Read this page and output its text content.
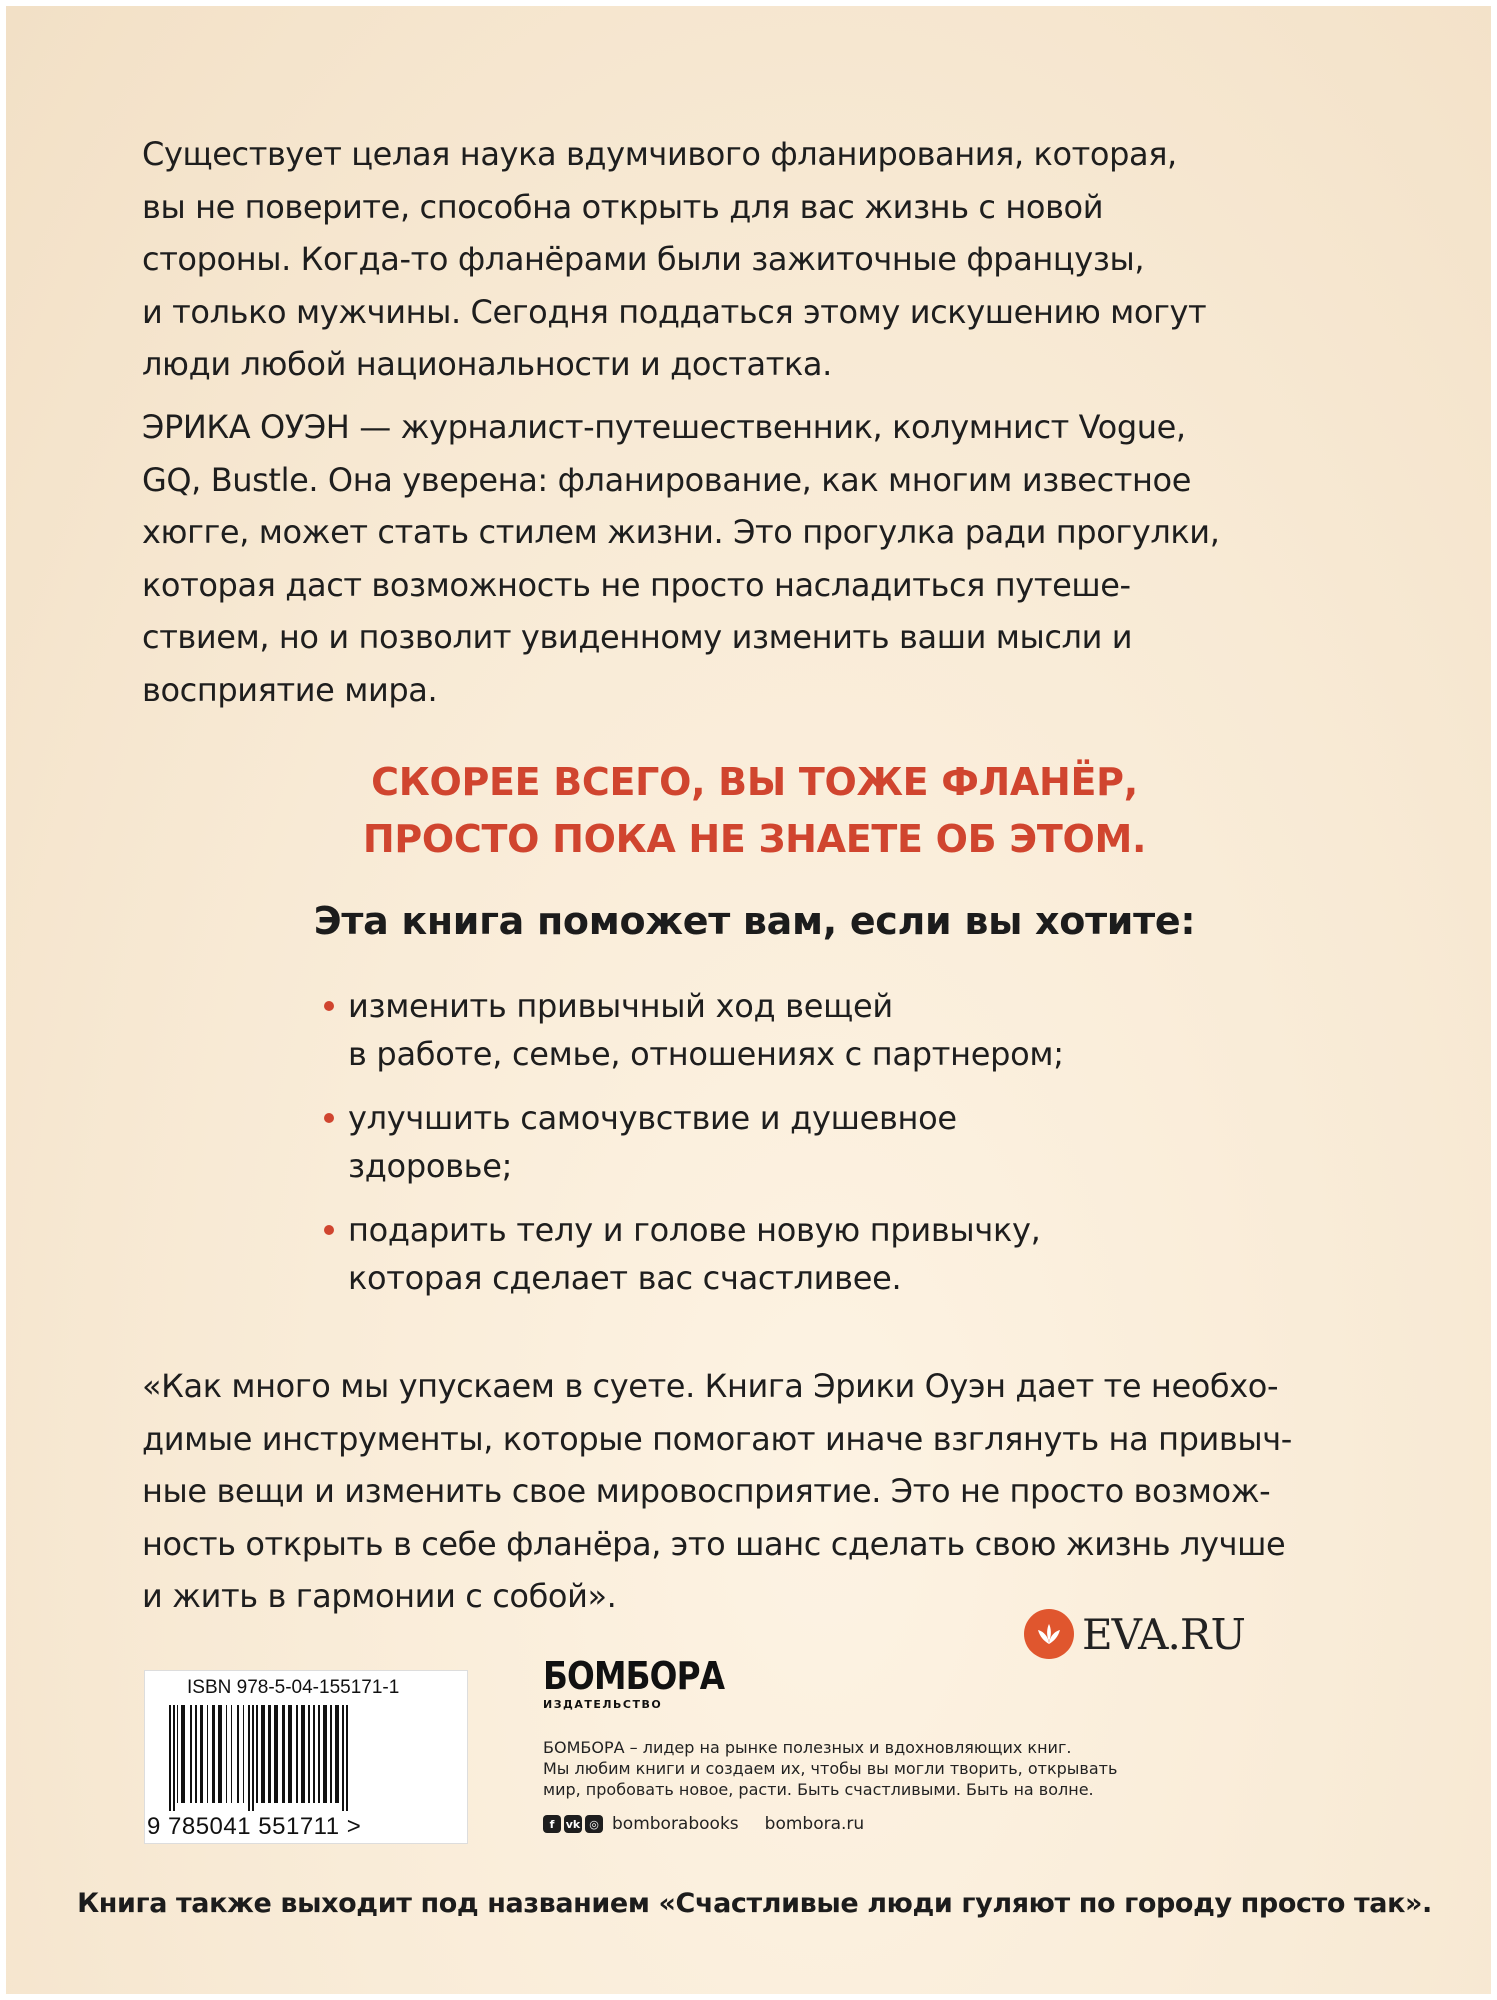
Существует целая наука вдумчивого фланирования, которая,
вы не поверите, способна открыть для вас жизнь с новой
стороны. Когда-то фланёрами были зажиточные французы,
и только мужчины. Сегодня поддаться этому искушению могут
люди любой национальности и достатка.

ЭРИКА ОУЭН — журналист-путешественник, колумнист Vogue,
GQ, Bustle. Она уверена: фланирование, как многим известное
хюгге, может стать стилем жизни. Это прогулка ради прогулки,
которая даст возможность не просто насладиться путеше-
ствием, но и позволит увиденному изменить ваши мысли и
восприятие мира.

СКОРЕЕ ВСЕГО, ВЫ ТОЖЕ ФЛАНЁР,
ПРОСТО ПОКА НЕ ЗНАЕТЕ ОБ ЭТОМ.
Эта книга поможет вам, если вы хотите:
изменить привычный ход вещей
в работе, семье, отношениях с партнером;
улучшить самочувствие и душевное
здоровье;
подарить телу и голове новую привычку,
которая сделает вас счастливее.

«Как много мы упускаем в суете. Книга Эрики Оуэн дает те необхо-
димые инструменты, которые помогают иначе взглянуть на привыч-
ные вещи и изменить свое мировосприятие. Это не просто возмож-
ность открыть в себе фланёра, это шанс сделать свою жизнь лучше
и жить в гармонии с собой».

EVA.RU
ISBN 978-5-04-155171-1
9 785041 551711 >
БОМБОРА
ИЗДАТЕЛЬСТВО
БОМБОРА – лидер на рынке полезных и вдохновляющих книг.
Мы любим книги и создаем их, чтобы вы могли творить, открывать
мир, пробовать новое, расти. Быть счастливыми. Быть на волне.
f	vk ◎ bomborabooks bombora.ru
Книга также выходит под названием «Счастливые люди гуляют по городу просто так».
